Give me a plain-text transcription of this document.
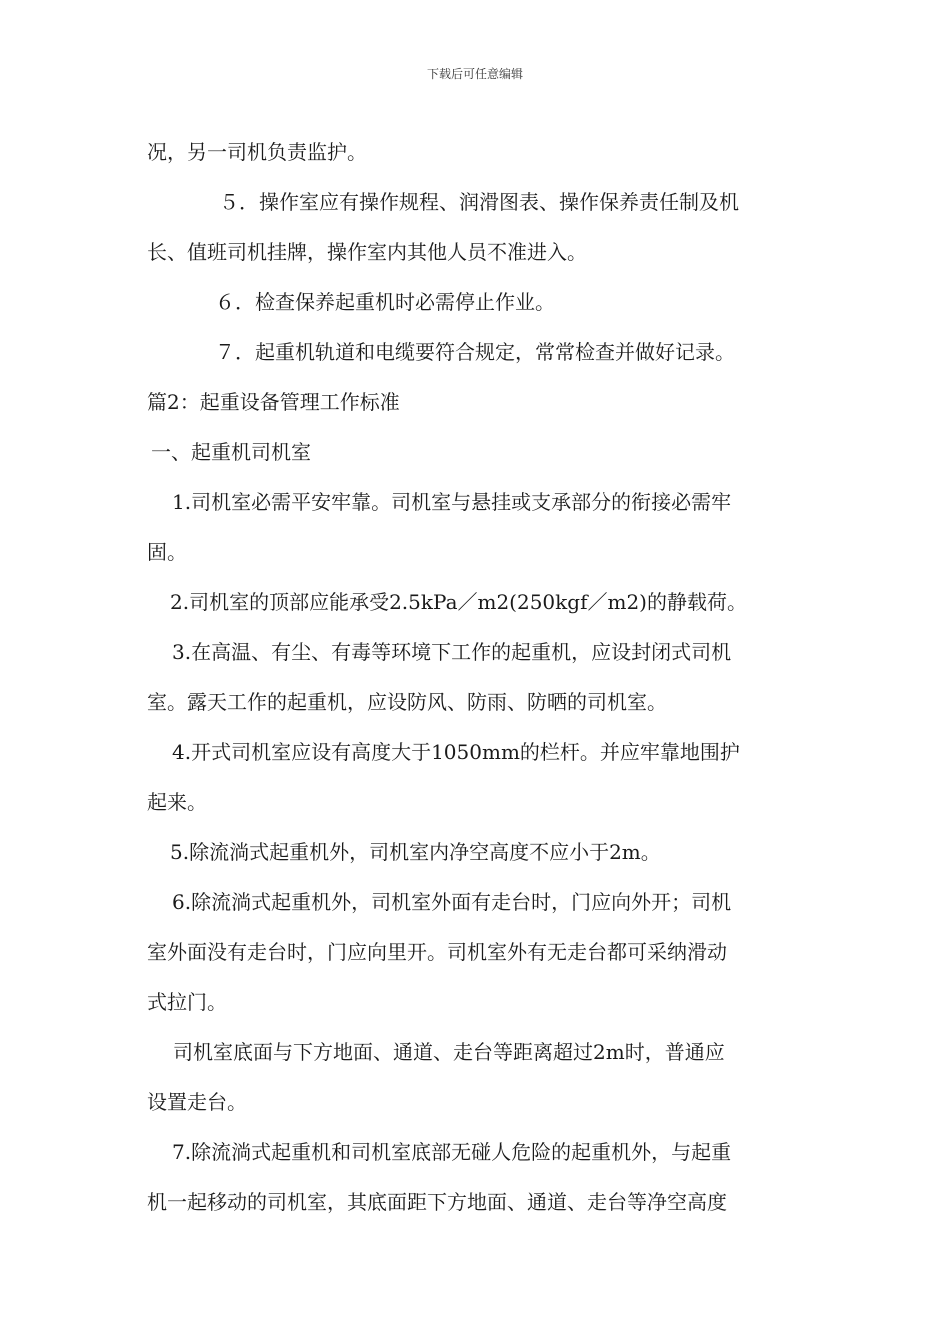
下载后可任意编辑

况，另一司机负责监护。

５．操作室应有操作规程、润滑图表、操作保养责任制及机

长、值班司机挂牌，操作室内其他人员不准进入。

６．检查保养起重机时必需停止作业。

７．起重机轨道和电缆要符合规定，常常检查并做好记录。

篇2：起重设备管理工作标准

一、起重机司机室

1.司机室必需平安牢靠。司机室与悬挂或支承部分的衔接必需牢

固。

2.司机室的顶部应能承受2.5kPa／m2(250kgf／m2)的静载荷。

3.在高温、有尘、有毒等环境下工作的起重机，应设封闭式司机

室。露天工作的起重机，应设防风、防雨、防晒的司机室。

4.开式司机室应设有高度大于1050mm的栏杆。并应牢靠地围护

起来。

5.除流淌式起重机外，司机室内净空高度不应小于2m。

6.除流淌式起重机外，司机室外面有走台时，门应向外开；司机

室外面没有走台时，门应向里开。司机室外有无走台都可采纳滑动

式拉门。

司机室底面与下方地面、通道、走台等距离超过2m时，普通应

设置走台。

7.除流淌式起重机和司机室底部无碰人危险的起重机外，与起重

机一起移动的司机室，其底面距下方地面、通道、走台等净空高度
